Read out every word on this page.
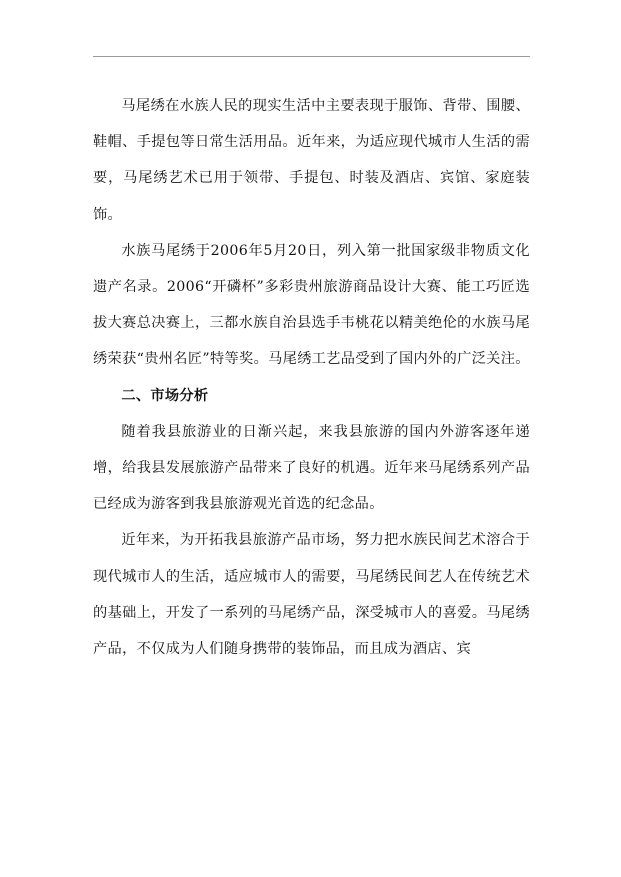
马尾绣在水族人民的现实生活中主要表现于服饰、背带、围腰、鞋帽、手提包等日常生活用品。近年来，为适应现代城市人生活的需要，马尾绣艺术已用于领带、手提包、时装及酒店、宾馆、家庭装饰。

水族马尾绣于2006年5月20日，列入第一批国家级非物质文化遗产名录。2006“开磷杯”多彩贵州旅游商品设计大赛、能工巧匠选拔大赛总决赛上，三都水族自治县选手韦桃花以精美绝伦的水族马尾绣荣获“贵州名匠”特等奖。马尾绣工艺品受到了国内外的广泛关注。

二、市场分析

随着我县旅游业的日渐兴起，来我县旅游的国内外游客逐年递增，给我县发展旅游产品带来了良好的机遇。近年来马尾绣系列产品已经成为游客到我县旅游观光首选的纪念品。

近年来，为开拓我县旅游产品市场，努力把水族民间艺术溶合于现代城市人的生活，适应城市人的需要，马尾绣民间艺人在传统艺术的基础上，开发了一系列的马尾绣产品，深受城市人的喜爱。马尾绣产品，不仅成为人们随身携带的装饰品，而且成为酒店、宾
